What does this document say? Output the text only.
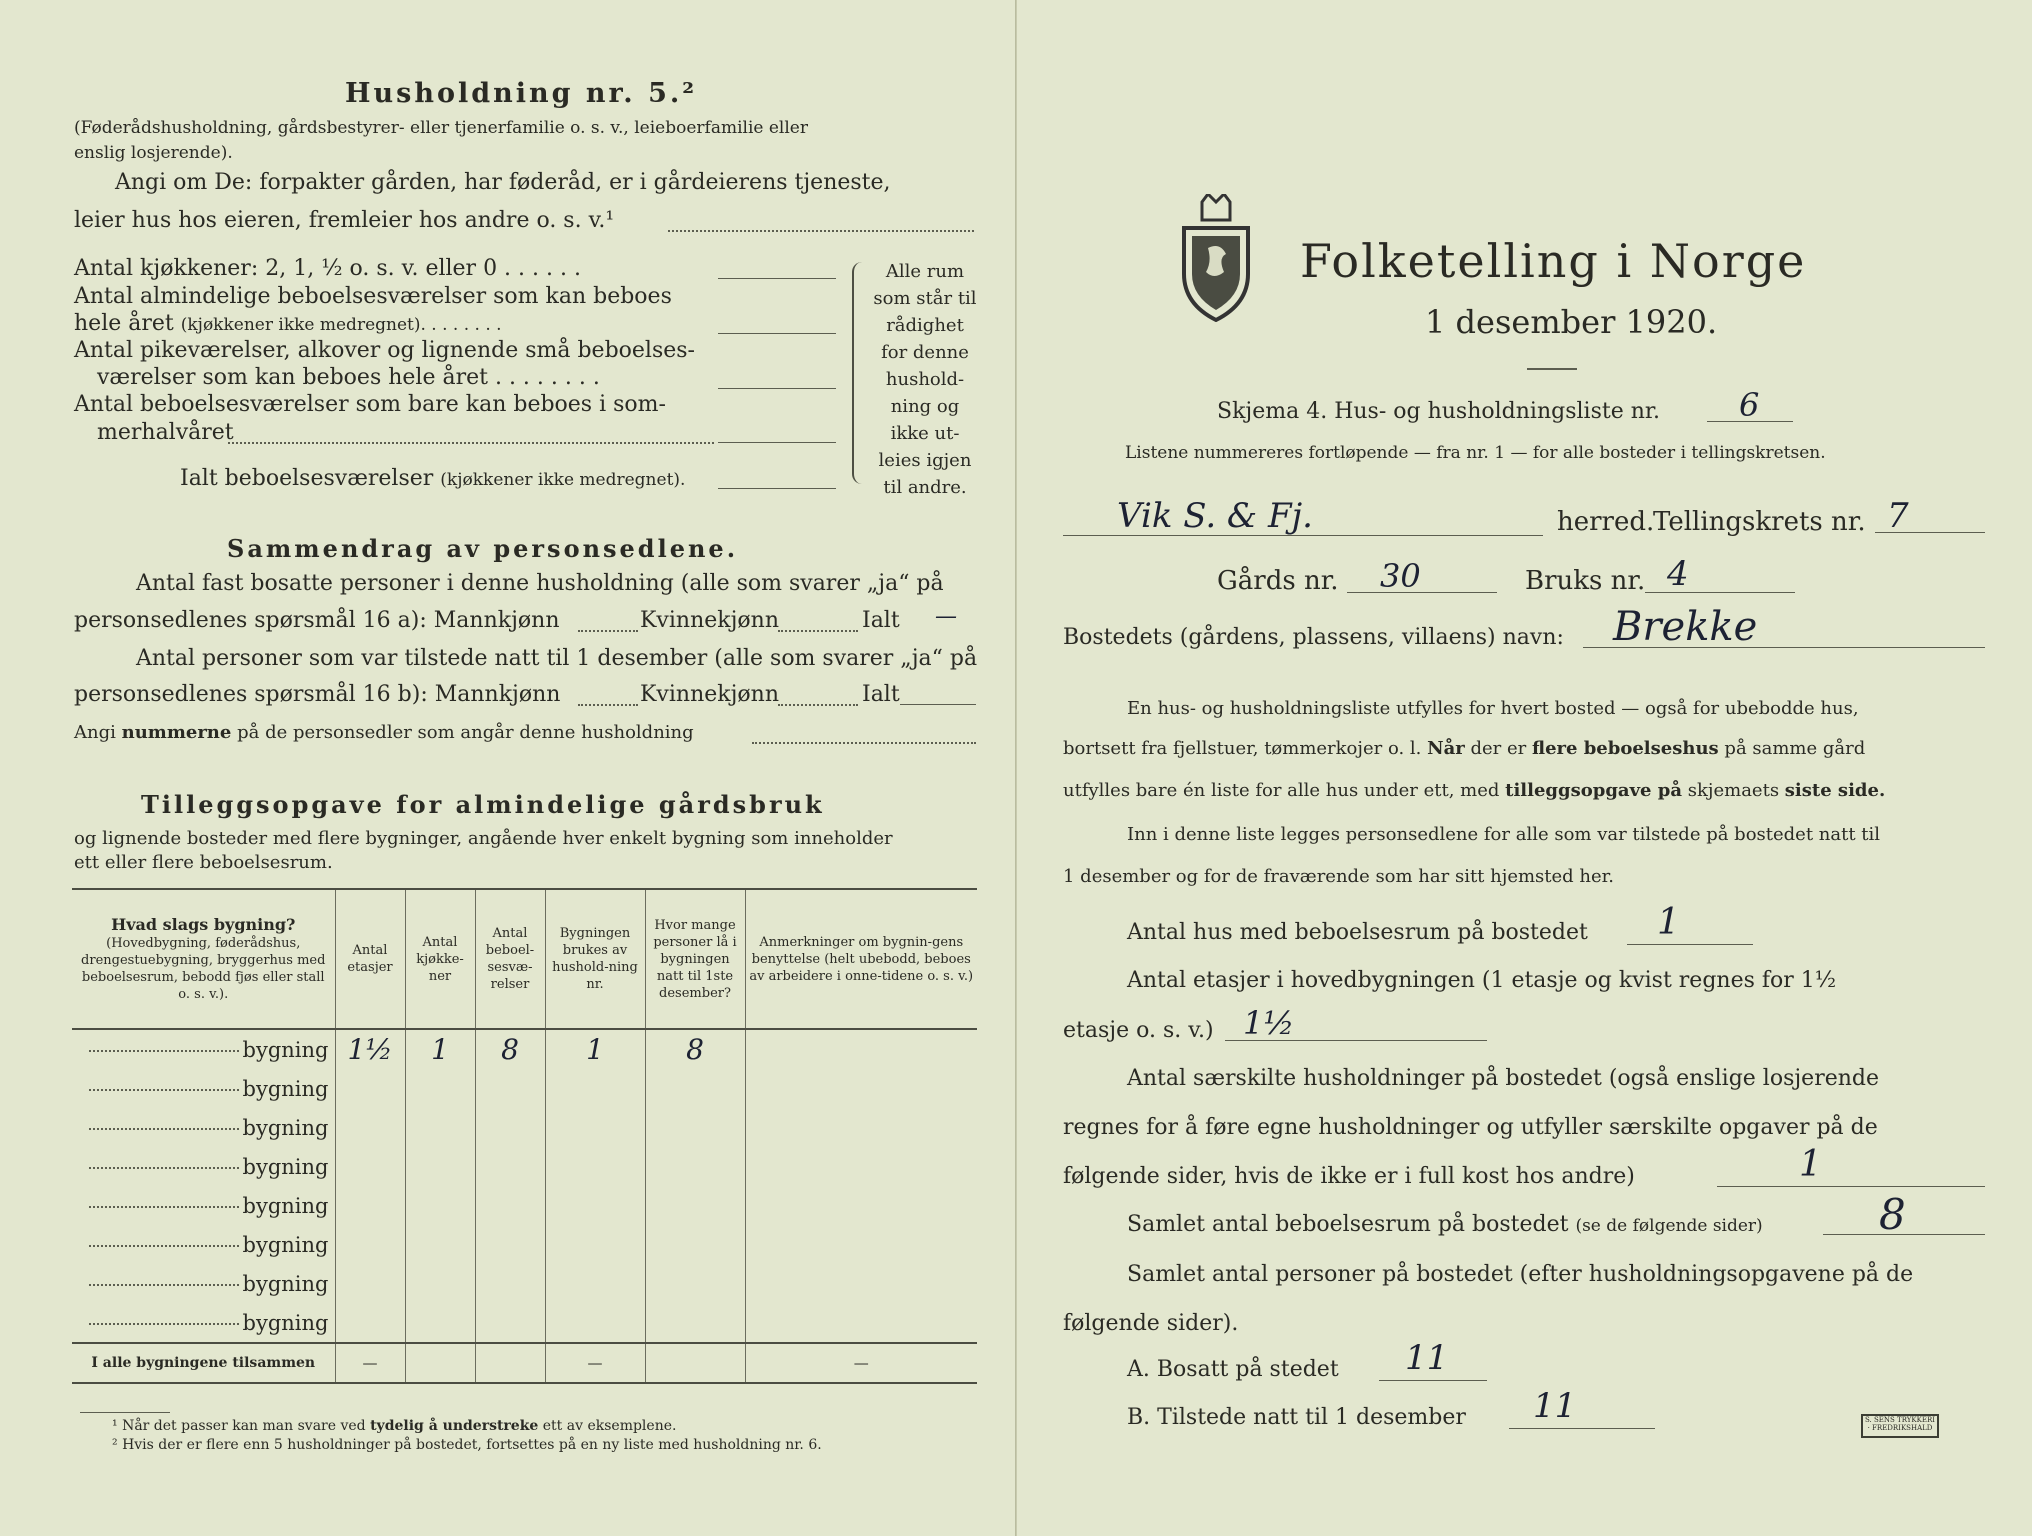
Husholdning nr. 5.²
(Føderådshusholdning, gårdsbestyrer- eller tjenerfamilie o. s. v., leieboerfamilie eller
enslig losjerende).
Angi om De: forpakter gården, har føderåd, er i gårdeierens tjeneste,
leier hus hos eieren, fremleier hos andre o. s. v.¹
Antal kjøkkener: 2, 1, ½ o. s. v. eller 0 . . . . . .
Antal almindelige beboelsesværelser som kan beboes
hele året (kjøkkener ikke medregnet). . . . . . . .
Antal pikeværelser, alkover og lignende små beboelses-
værelser som kan beboes hele året . . . . . . . .
Antal beboelsesværelser som bare kan beboes i som-
merhalvåret
Ialt beboelsesværelser (kjøkkener ikke medregnet).
Alle rum
som står til
rådighet
for denne
hushold-
ning og
ikke ut-
leies igjen
til andre.
Sammendrag av personsedlene.
Antal fast bosatte personer i denne husholdning (alle som svarer „ja“ på
personsedlenes spørsmål 16 a): Mannkjønn	Kvinnekjønn	Ialt —
Antal personer som var tilstede natt til 1 desember (alle som svarer „ja“ på
personsedlenes spørsmål 16 b): Mannkjønn	Kvinnekjønn	Ialt
Angi nummerne på de personsedler som angår denne husholdning
Tilleggsopgave for almindelige gårdsbruk
og lignende bosteder med flere bygninger, angående hver enkelt bygning som inneholder
ett eller flere beboelsesrum.
Hvad slags bygning?
(Hovedbygning, føderådshus, drengestuebygning, bryggerhus med beboelsesrum, bebodd fjøs eller stall o. s. v.).	Antal etasjer	Antal kjøkke-ner	Antal beboel-sesvæ-relser	Bygningen brukes av hushold-ning nr.	Hvor mange personer lå i bygningen natt til 1ste desember?	Anmerkninger om bygnin-gens benyttelse (helt ubebodd, beboes av arbeidere i onne-tidene o. s. v.)
bygning	1½	1	8	1	8	
bygning						
bygning						
bygning						
bygning						
bygning						
bygning						
bygning						
I alle bygningene tilsammen	—			—		—
¹ Når det passer kan man svare ved tydelig å understreke ett av eksemplene.
² Hvis der er flere enn 5 husholdninger på bostedet, fortsettes på en ny liste med husholdning nr. 6.
Folketelling i Norge
1 desember 1920.
Skjema 4. Hus- og husholdningsliste nr. 6
Listene nummereres fortløpende — fra nr. 1 — for alle bosteder i tellingskretsen.
Vik S. & Fj.	herred.
Tellingskrets nr. 7
Gårds nr. 30	Bruks nr. 4
Bostedets (gårdens, plassens, villaens) navn: Brekke
En hus- og husholdningsliste utfylles for hvert bosted — også for ubebodde hus,
bortsett fra fjellstuer, tømmerkojer o. l. Når der er flere beboelseshus på samme gård
utfylles bare én liste for alle hus under ett, med tilleggsopgave på skjemaets siste side.
Inn i denne liste legges personsedlene for alle som var tilstede på bostedet natt til
1 desember og for de fraværende som har sitt hjemsted her.
Antal hus med beboelsesrum på bostedet 1
Antal etasjer i hovedbygningen (1 etasje og kvist regnes for 1½
etasje o. s. v.) 1½
Antal særskilte husholdninger på bostedet (også enslige losjerende
regnes for å føre egne husholdninger og utfyller særskilte opgaver på de
følgende sider, hvis de ikke er i full kost hos andre)	1
Samlet antal beboelsesrum på bostedet (se de følgende sider)	8
Samlet antal personer på bostedet (efter husholdningsopgavene på de
følgende sider).
A. Bosatt på stedet 11
B. Tilstede natt til 1 desember 11	S. SENS TRYKKERI · FREDRIKSHALD
